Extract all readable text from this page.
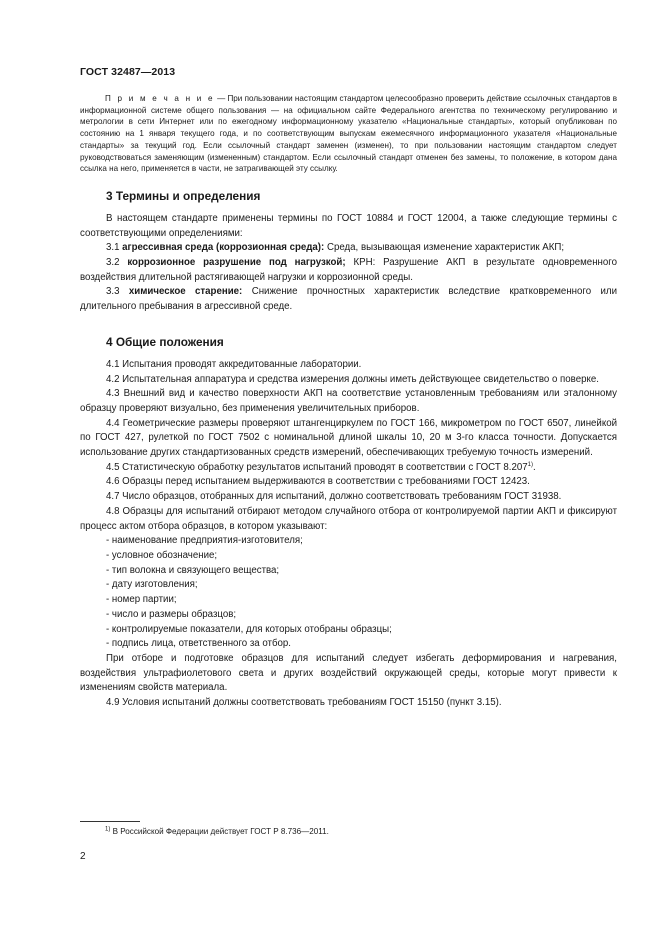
ГОСТ 32487—2013

П р и м е ч а н и е — При пользовании настоящим стандартом целесообразно проверить действие ссылочных стандартов в информационной системе общего пользования — на официальном сайте Федерального агентства по техническому регулированию и метрологии в сети Интернет или по ежегодному информационному указателю «Национальные стандарты», который опубликован по состоянию на 1 января текущего года, и по соответствующим выпускам ежемесячного информационного указателя «Национальные стандарты» за текущий год. Если ссылочный стандарт заменен (изменен), то при пользовании настоящим стандартом следует руководствоваться заменяющим (измененным) стандартом. Если ссылочный стандарт отменен без замены, то положение, в котором дана ссылка на него, применяется в части, не затрагивающей эту ссылку.

3 Термины и определения

В настоящем стандарте применены термины по ГОСТ 10884 и ГОСТ 12004, а также следующие термины с соответствующими определениями:

3.1 агрессивная среда (коррозионная среда): Среда, вызывающая изменение характеристик АКП;

3.2 коррозионное разрушение под нагрузкой; КРН: Разрушение АКП в результате одновременного воздействия длительной растягивающей нагрузки и коррозионной среды.

3.3 химическое старение: Снижение прочностных характеристик вследствие кратковременного или длительного пребывания в агрессивной среде.

4 Общие положения

4.1 Испытания проводят аккредитованные лаборатории.

4.2 Испытательная аппаратура и средства измерения должны иметь действующее свидетельство о поверке.

4.3 Внешний вид и качество поверхности АКП на соответствие установленным требованиям или эталонному образцу проверяют визуально, без применения увеличительных приборов.

4.4 Геометрические размеры проверяют штангенциркулем по ГОСТ 166, микрометром по ГОСТ 6507, линейкой по ГОСТ 427, рулеткой по ГОСТ 7502 с номинальной длиной шкалы 10, 20 м 3-го класса точности. Допускается использование других стандартизованных средств измерений, обеспечивающих требуемую точность измерений.

4.5 Статистическую обработку результатов испытаний проводят в соответствии с ГОСТ 8.207$^{1)}$.

4.6 Образцы перед испытанием выдерживаются в соответствии с требованиями ГОСТ 12423.

4.7 Число образцов, отобранных для испытаний, должно соответствовать требованиям ГОСТ 31938.

4.8 Образцы для испытаний отбирают методом случайного отбора от контролируемой партии АКП и фиксируют процесс актом отбора образцов, в котором указывают:

- наименование предприятия-изготовителя;

- условное обозначение;

- тип волокна и связующего вещества;

- дату изготовления;

- номер партии;

- число и размеры образцов;

- контролируемые показатели, для которых отобраны образцы;

- подпись лица, ответственного за отбор.

При отборе и подготовке образцов для испытаний следует избегать деформирования и нагревания, воздействия ультрафиолетового света и других воздействий окружающей среды, которые могут привести к изменениям свойств материала.

4.9 Условия испытаний должны соответствовать требованиям ГОСТ 15150 (пункт 3.15).

$^{1)}$ В Российской Федерации действует ГОСТ Р 8.736—2011.
2
